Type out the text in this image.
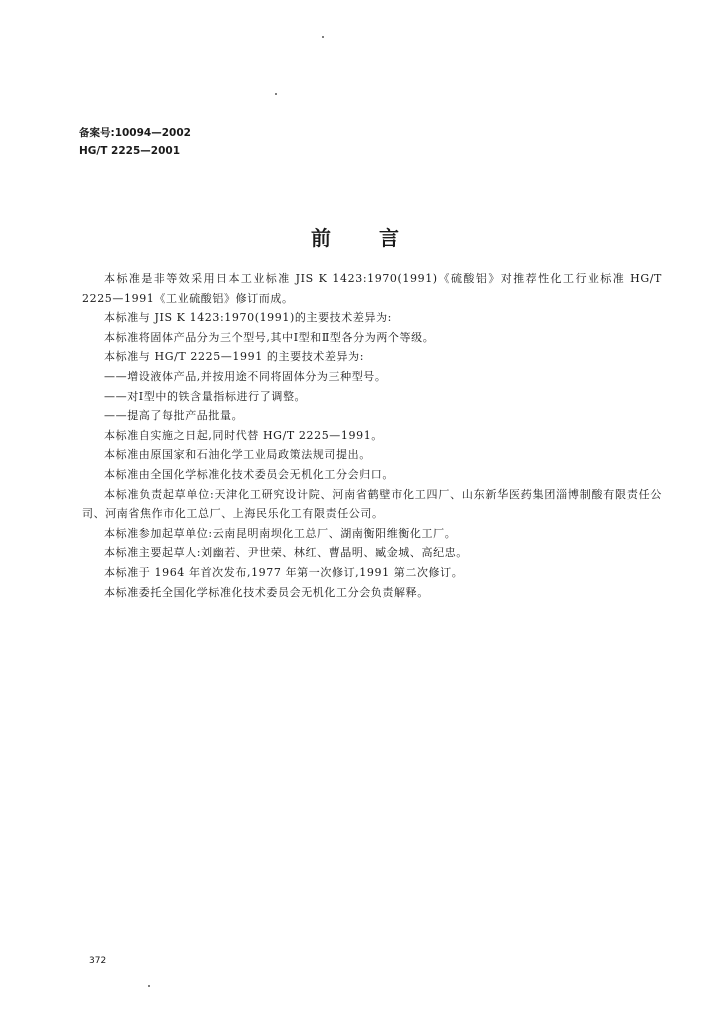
备案号:10094—2002
HG/T 2225—2001
前言

本标准是非等效采用日本工业标准 JIS K 1423:1970(1991)《硫酸铝》对推荐性化工行业标准 HG/T 2225—1991《工业硫酸铝》修订而成。

本标准与 JIS K 1423:1970(1991)的主要技术差异为:

本标准将固体产品分为三个型号,其中Ⅰ型和Ⅱ型各分为两个等级。

本标准与 HG/T 2225—1991 的主要技术差异为:

——增设液体产品,并按用途不同将固体分为三种型号。

——对Ⅰ型中的铁含量指标进行了调整。

——提高了每批产品批量。

本标准自实施之日起,同时代替 HG/T 2225—1991。

本标准由原国家和石油化学工业局政策法规司提出。

本标准由全国化学标准化技术委员会无机化工分会归口。

本标准负责起草单位:天津化工研究设计院、河南省鹤壁市化工四厂、山东新华医药集团淄博制酸有限责任公司、河南省焦作市化工总厂、上海民乐化工有限责任公司。

本标准参加起草单位:云南昆明南坝化工总厂、湖南衡阳维衡化工厂。

本标准主要起草人:刘幽若、尹世荣、林红、曹晶明、臧金城、高纪忠。

本标准于 1964 年首次发布,1977 年第一次修订,1991 第二次修订。

本标准委托全国化学标准化技术委员会无机化工分会负责解释。

372
